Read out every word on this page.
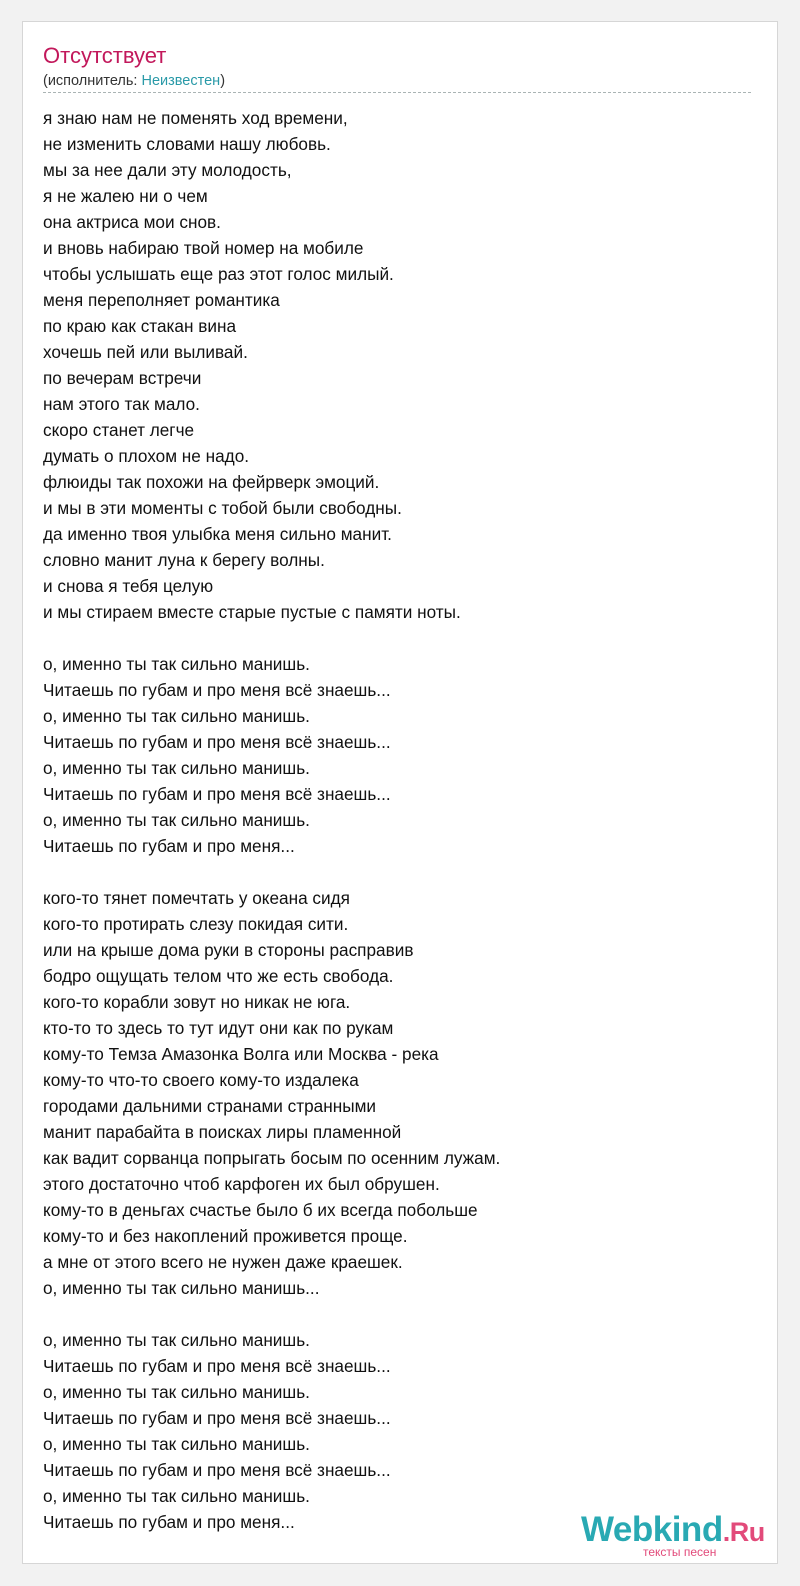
Отсутствует
(исполнитель: Неизвестен)
я знаю нам не поменять ход времени,
не изменить словами нашу любовь.
мы за нее дали эту молодость,
я не жалею ни о чем
она актриса мои снов.
и вновь набираю твой номер на мобиле
чтобы услышать еще раз этот голос милый.
меня переполняет романтика
по краю как стакан вина
хочешь пей или выливай.
по вечерам встречи
нам этого так мало.
скоро станет легче
думать о плохом не надо.
флюиды так похожи на фейрверк эмоций.
и мы в эти моменты с тобой были свободны.
да именно твоя улыбка меня сильно манит.
словно манит луна к берегу волны.
и снова я тебя целую
и мы стираем вместе старые пустые с памяти ноты.
о, именно ты так сильно манишь.
Читаешь по губам и про меня всё знаешь...
о, именно ты так сильно манишь.
Читаешь по губам и про меня всё знаешь...
о, именно ты так сильно манишь.
Читаешь по губам и про меня всё знаешь...
о, именно ты так сильно манишь.
Читаешь по губам и про меня...
кого-то тянет помечтать у океана сидя
кого-то протирать слезу покидая сити.
или на крыше дома руки в стороны расправив
бодро ощущать телом что же есть свобода.
кого-то корабли зовут но никак не юга.
кто-то то здесь то тут идут они как по рукам
кому-то Темза Амазонка Волга или Москва - река
кому-то что-то своего кому-то издалека
городами дальними странами странными
манит парабайта в поисках лиры пламенной
как вадит сорванца попрыгать босым по осенним лужам.
этого достаточно чтоб карфоген их был обрушен.
кому-то в деньгах счастье было б их всегда побольше
кому-то и без накоплений проживется проще.
а мне от этого всего не нужен даже краешек.
о, именно ты так сильно манишь...
о, именно ты так сильно манишь.
Читаешь по губам и про меня всё знаешь...
о, именно ты так сильно манишь.
Читаешь по губам и про меня всё знаешь...
о, именно ты так сильно манишь.
Читаешь по губам и про меня всё знаешь...
о, именно ты так сильно манишь.
Читаешь по губам и про меня...	Webkind.Ru
тексты песен
